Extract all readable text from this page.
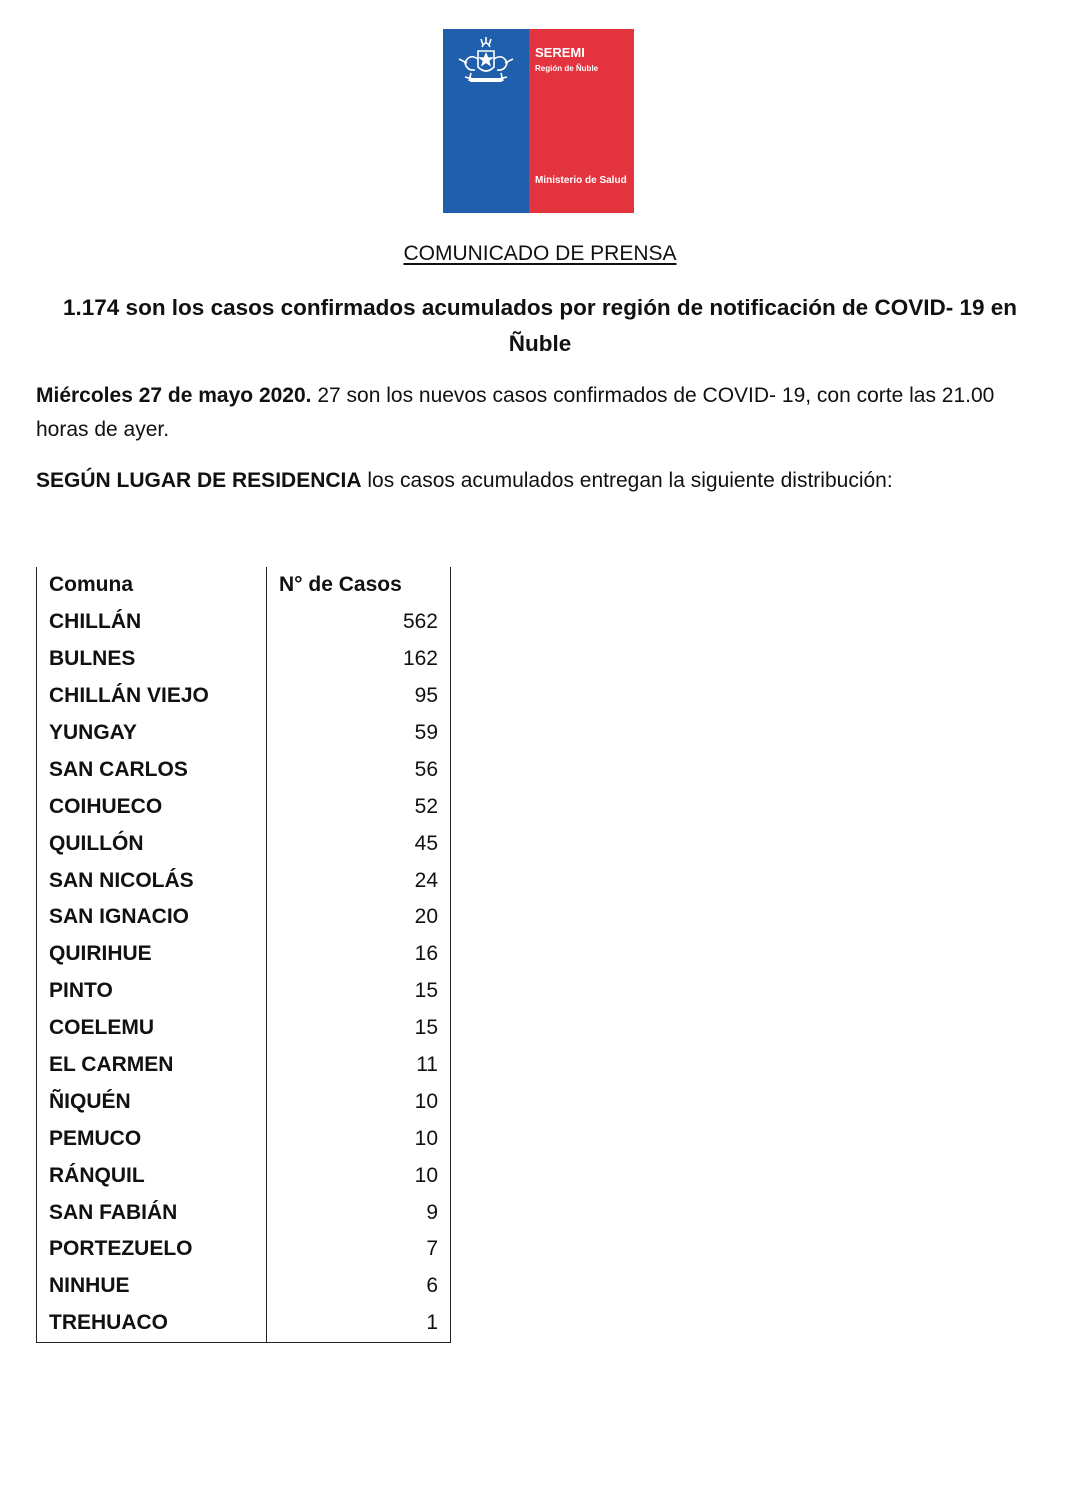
SEREMI
Región de Ñuble
Ministerio de Salud
COMUNICADO DE PRENSA
1.174 son los casos confirmados acumulados por región de notificación de COVID- 19 en Ñuble
Miércoles 27 de mayo 2020. 27 son los nuevos casos confirmados de COVID- 19, con corte las 21.00 horas de ayer.
SEGÚN LUGAR DE RESIDENCIA los casos acumulados entregan la siguiente distribución:
Comuna	N° de Casos
CHILLÁN	562
BULNES	162
CHILLÁN VIEJO	95
YUNGAY	59
SAN CARLOS	56
COIHUECO	52
QUILLÓN	45
SAN NICOLÁS	24
SAN IGNACIO	20
QUIRIHUE	16
PINTO	15
COELEMU	15
EL CARMEN	11
ÑIQUÉN	10
PEMUCO	10
RÁNQUIL	10
SAN FABIÁN	9
PORTEZUELO	7
NINHUE	6
TREHUACO	1
